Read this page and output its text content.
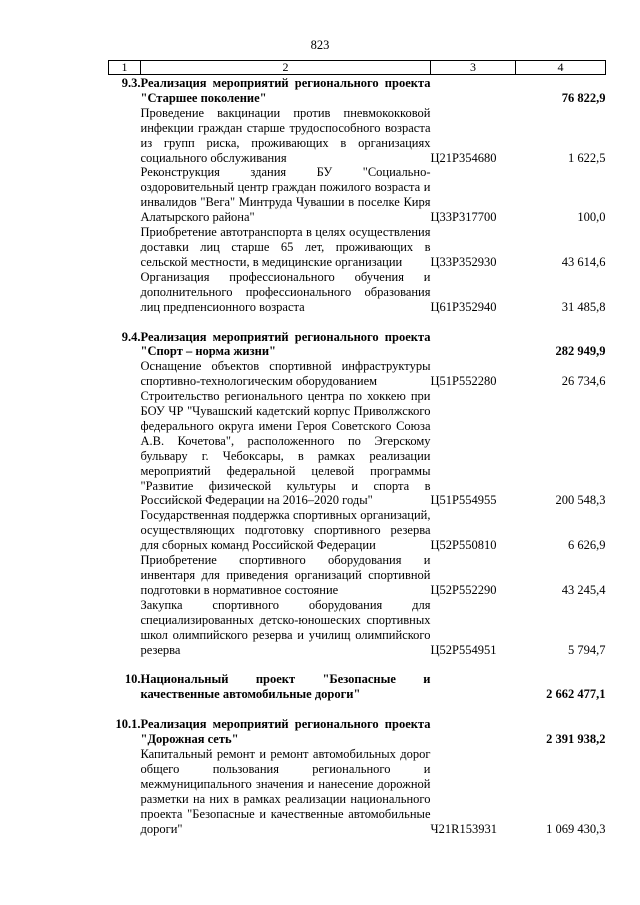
823
1	2	3	4
9.3.	Реализация мероприятий регионального проекта "Старшее поколение"		76 822,9
	Проведение вакцинации против пневмококковой инфекции граждан старше трудоспособного возраста из групп риска, проживающих в организациях социального обслуживания	Ц21Р354680	1 622,5
	Реконструкция здания БУ "Социально-оздоровительный центр граждан пожилого возраста и инвалидов "Вега" Минтруда Чувашии в поселке Киря Алатырского района"	Ц33Р317700	100,0
	Приобретение автотранспорта в целях осуществления доставки лиц старше 65 лет, проживающих в сельской местности, в медицинские организации	Ц33Р352930	43 614,6
	Организация профессионального обучения и дополнительного профессионального образования лиц предпенсионного возраста	Ц61Р352940	31 485,8

9.4.	Реализация мероприятий регионального проекта "Спорт – норма жизни"		282 949,9
	Оснащение объектов спортивной инфраструктуры спортивно-технологическим оборудованием	Ц51Р552280	26 734,6
	Строительство регионального центра по хоккею при БОУ ЧР "Чувашский кадетский корпус Приволжского федерального округа имени Героя Советского Союза А.В. Кочетова", расположенного по Эгерскому бульвару г. Чебоксары, в рамках реализации мероприятий федеральной целевой программы "Развитие физической культуры и спорта в Российской Федерации на 2016–2020 годы"	Ц51Р554955	200 548,3
	Государственная поддержка спортивных организаций, осуществляющих подготовку спортивного резерва для сборных команд Российской Федерации	Ц52Р550810	6 626,9
	Приобретение спортивного оборудования и инвентаря для приведения организаций спортивной подготовки в нормативное состояние	Ц52Р552290	43 245,4
	Закупка спортивного оборудования для специализированных детско-юношеских спортивных школ олимпийского резерва и училищ олимпийского резерва	Ц52Р554951	5 794,7

10.	Национальный проект "Безопасные и качественные автомобильные дороги"		2 662 477,1

10.1.	Реализация мероприятий регионального проекта "Дорожная сеть"		2 391 938,2
	Капитальный ремонт и ремонт автомобильных дорог общего пользования регионального и межмуниципального значения и нанесение дорожной разметки на них в рамках реализации национального проекта "Безопасные и качественные автомобильные дороги"	Ч21R153931	1 069 430,3
